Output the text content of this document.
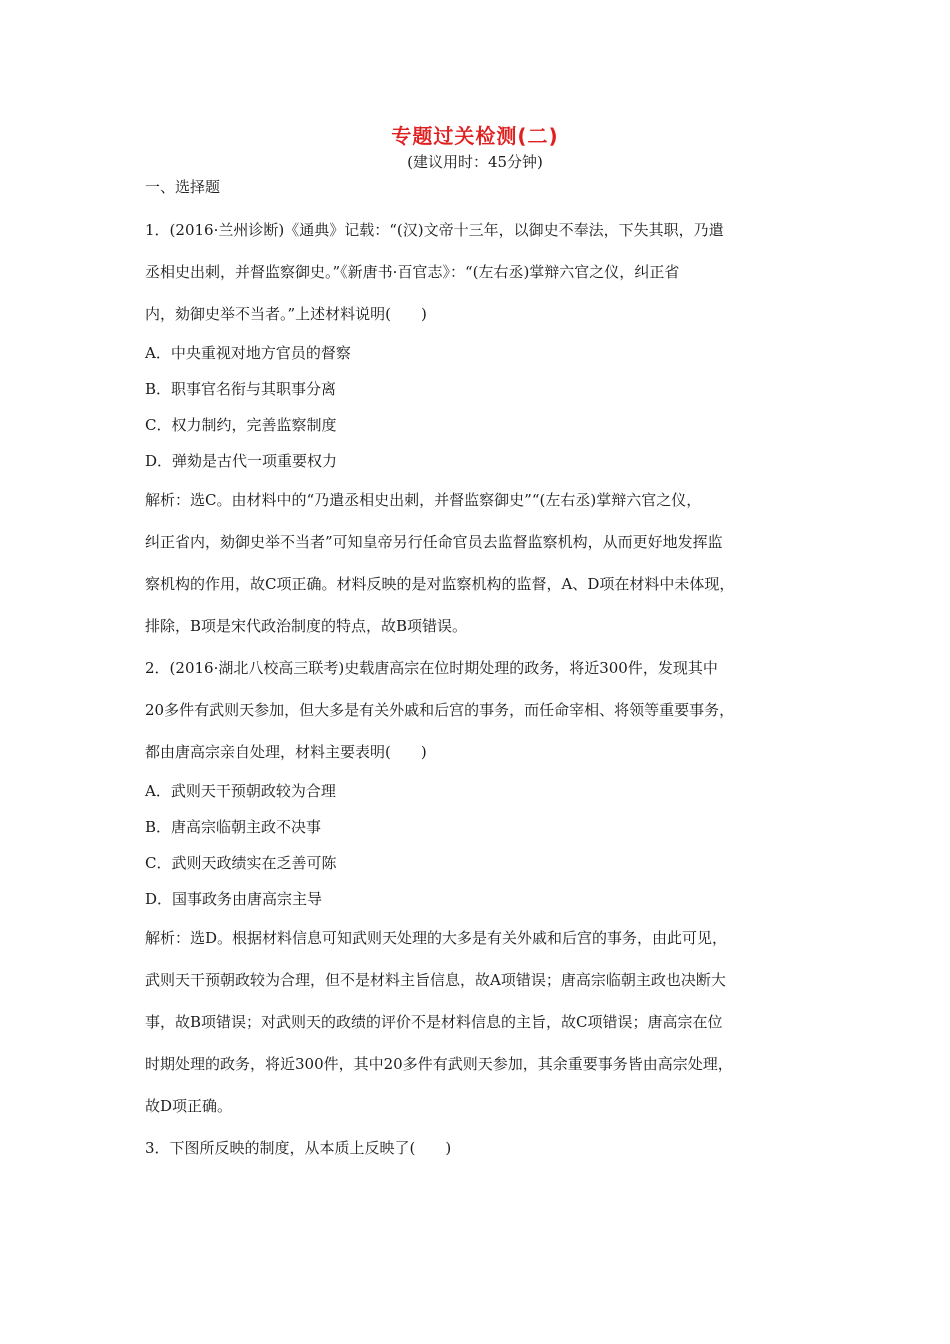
专题过关检测(二)
(建议用时：45分钟)
一、选择题

1．(2016·兰州诊断)《通典》记载：“(汉)文帝十三年，以御史不奉法，下失其职，乃遣
丞相史出刺，并督监察御史。”《新唐书·百官志》：“(左右丞)掌辩六官之仪，纠正省
内，劾御史举不当者。”上述材料说明(　　)

A．中央重视对地方官员的督察
B．职事官名衔与其职事分离
C．权力制约，完善监察制度
D．弹劾是古代一项重要权力

解析：选C。由材料中的“乃遣丞相史出刺，并督监察御史”“(左右丞)掌辩六官之仪，
纠正省内，劾御史举不当者”可知皇帝另行任命官员去监督监察机构，从而更好地发挥监
察机构的作用，故C项正确。材料反映的是对监察机构的监督，A、D项在材料中未体现，
排除，B项是宋代政治制度的特点，故B项错误。

2．(2016·湖北八校高三联考)史载唐高宗在位时期处理的政务，将近300件，发现其中
20多件有武则天参加，但大多是有关外戚和后宫的事务，而任命宰相、将领等重要事务，
都由唐高宗亲自处理，材料主要表明(　　)

A．武则天干预朝政较为合理
B．唐高宗临朝主政不决事
C．武则天政绩实在乏善可陈
D．国事政务由唐高宗主导

解析：选D。根据材料信息可知武则天处理的大多是有关外戚和后宫的事务，由此可见，
武则天干预朝政较为合理，但不是材料主旨信息，故A项错误；唐高宗临朝主政也决断大
事，故B项错误；对武则天的政绩的评价不是材料信息的主旨，故C项错误；唐高宗在位
时期处理的政务，将近300件，其中20多件有武则天参加，其余重要事务皆由高宗处理，
故D项正确。

3．下图所反映的制度，从本质上反映了(　　)
